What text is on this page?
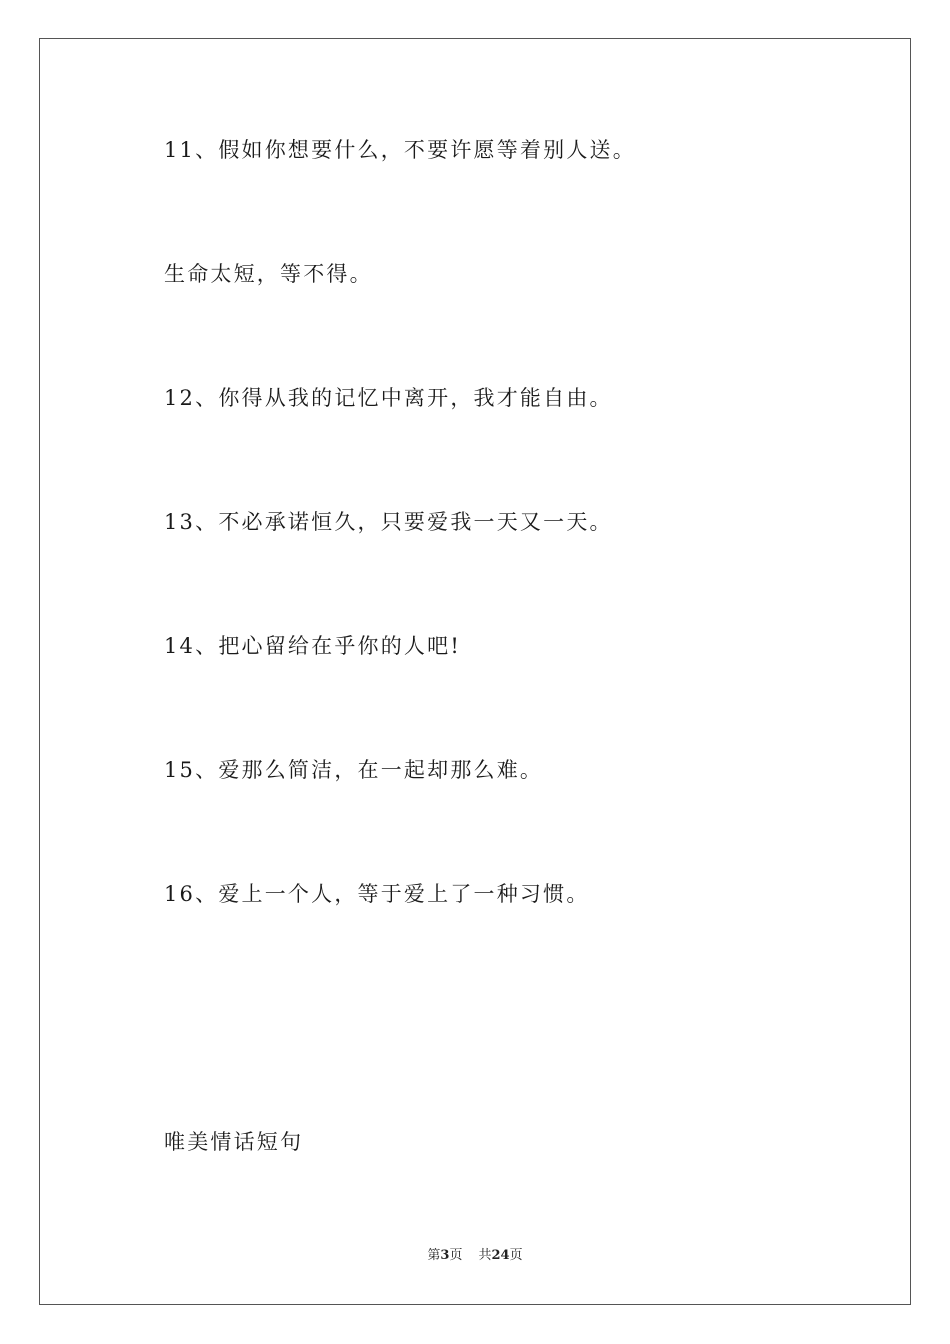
11、假如你想要什么，不要许愿等着别人送。
生命太短，等不得。
12、你得从我的记忆中离开，我才能自由。
13、不必承诺恒久，只要爱我一天又一天。
14、把心留给在乎你的人吧!
15、爱那么简洁，在一起却那么难。
16、爱上一个人，等于爱上了一种习惯。
唯美情话短句
第3页 共24页
